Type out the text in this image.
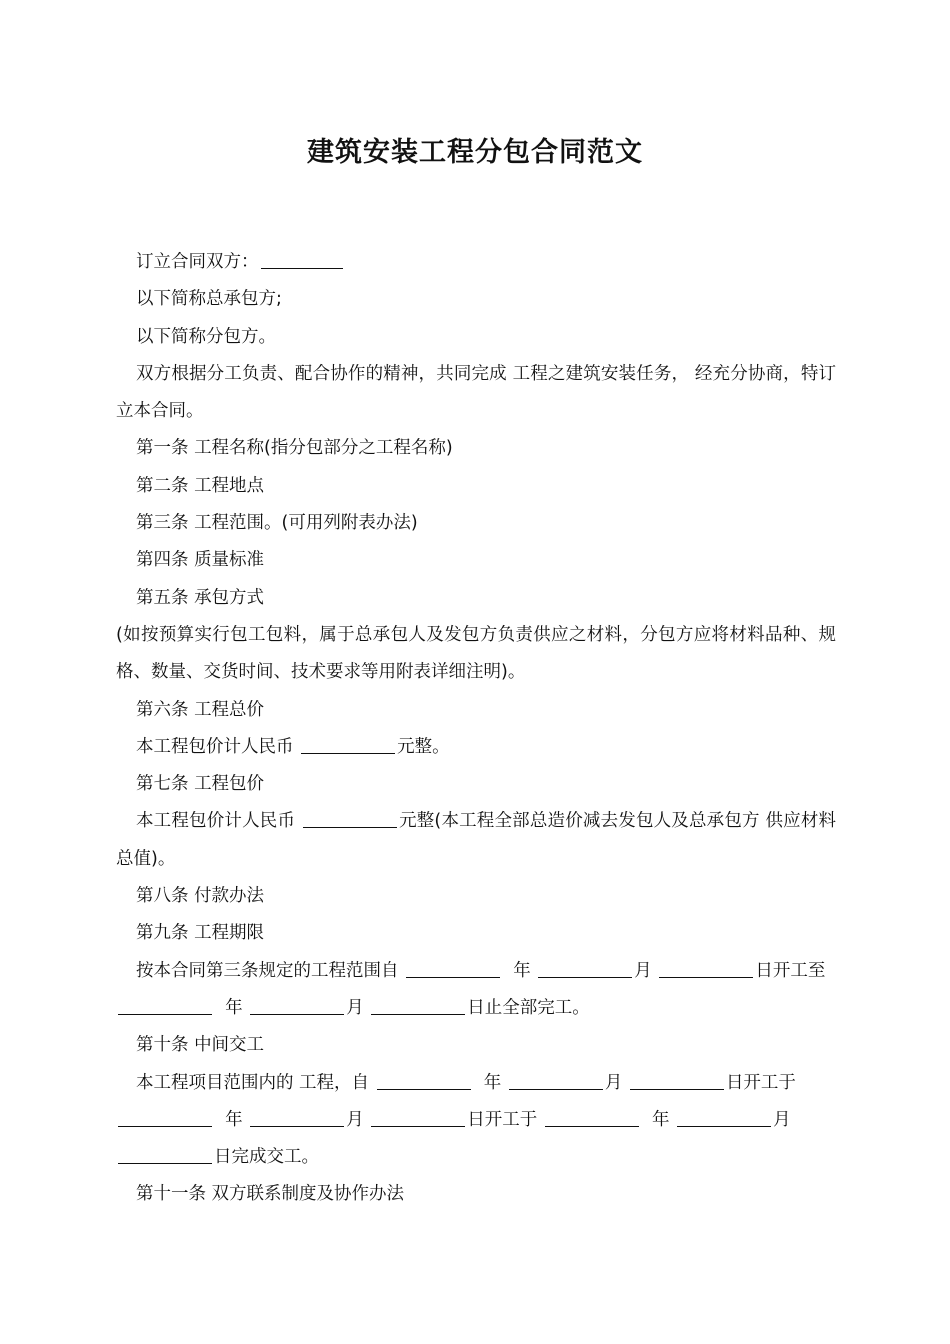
建筑安装工程分包合同范文

订立合同双方：

以下简称总承包方;

以下简称分包方。

双方根据分工负责、配合协作的精神，共同完成 工程之建筑安装任务， 经充分协商，特订立本合同。

第一条 工程名称(指分包部分之工程名称)

第二条 工程地点

第三条 工程范围。(可用列附表办法)

第四条 质量标准

第五条 承包方式

(如按预算实行包工包料，属于总承包人及发包方负责供应之材料，分包方应将材料品种、规格、数量、交货时间、技术要求等用附表详细注明)。

第六条 工程总价

本工程包价计人民币	元整。

第七条 工程包价

本工程包价计人民币	元整(本工程全部总造价减去发包人及总承包方 供应材料总值)。

第八条 付款办法

第九条 工程期限

按本合同第三条规定的工程范围自	年	月	日开工至   年	月	日止全部完工。

第十条 中间交工

本工程项目范围内的 工程，自	年	月	日开工于  年	月	日开工于	年	月 日完成交工。

第十一条 双方联系制度及协作办法
